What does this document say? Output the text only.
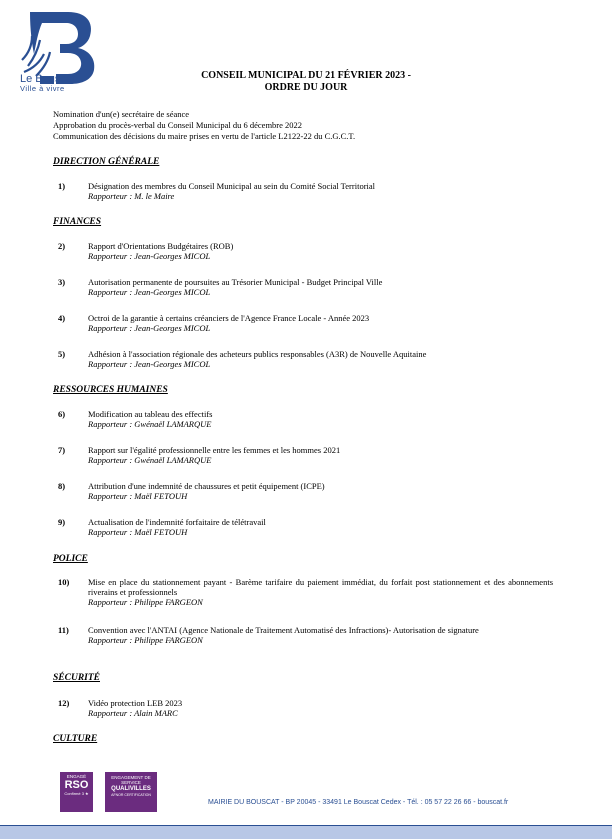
Le Bouscat
Ville à vivre
CONSEIL MUNICIPAL DU 21 FÉVRIER 2023 -
ORDRE DU JOUR
Nomination d'un(e) secrétaire de séance
Approbation du procès-verbal du Conseil Municipal du 6 décembre 2022
Communication des décisions du maire prises en vertu de l'article L2122-22 du C.G.C.T.
DIRECTION GÉNÉRALE
1)	Désignation des membres du Conseil Municipal au sein du Comité Social Territorial
Rapporteur : M. le Maire
FINANCES
2)	Rapport d'Orientations Budgétaires (ROB)
Rapporteur : Jean-Georges MICOL
3)	Autorisation permanente de poursuites au Trésorier Municipal - Budget Principal Ville
Rapporteur : Jean-Georges MICOL
4)	Octroi de la garantie à certains créanciers de l'Agence France Locale - Année 2023
Rapporteur : Jean-Georges MICOL
5)	Adhésion à l'association régionale des acheteurs publics responsables (A3R) de Nouvelle Aquitaine
Rapporteur : Jean-Georges MICOL
RESSOURCES HUMAINES
6)	Modification au tableau des effectifs
Rapporteur : Gwénaël LAMARQUE
7)	Rapport sur l'égalité professionnelle entre les femmes et les hommes 2021
Rapporteur : Gwénaël LAMARQUE
8)	Attribution d'une indemnité de chaussures et petit équipement (ICPE)
Rapporteur : Maël FETOUH
9)	Actualisation de l'indemnité forfaitaire de télétravail
Rapporteur : Maël FETOUH
POLICE
10) Mise en place du stationnement payant - Barème tarifaire du paiement immédiat, du forfait post stationnement et des abonnements riverains et professionnels
Rapporteur : Philippe FARGEON
11) Convention avec l'ANTAI (Agence Nationale de Traitement Automatisé des Infractions)- Autorisation de signature
Rapporteur : Philippe FARGEON
SÉCURITÉ
12) Vidéo protection LEB 2023
Rapporteur : Alain MARC
CULTURE
ENGAGÉ
RSO
Confirmé 3 ★
ENGAGEMENT DE SERVICE
QUALIVILLES
AFNOR CERTIFICATION
MAIRIE DU BOUSCAT - BP 20045 - 33491 Le Bouscat Cedex - Tél. : 05 57 22 26 66 - bouscat.fr
